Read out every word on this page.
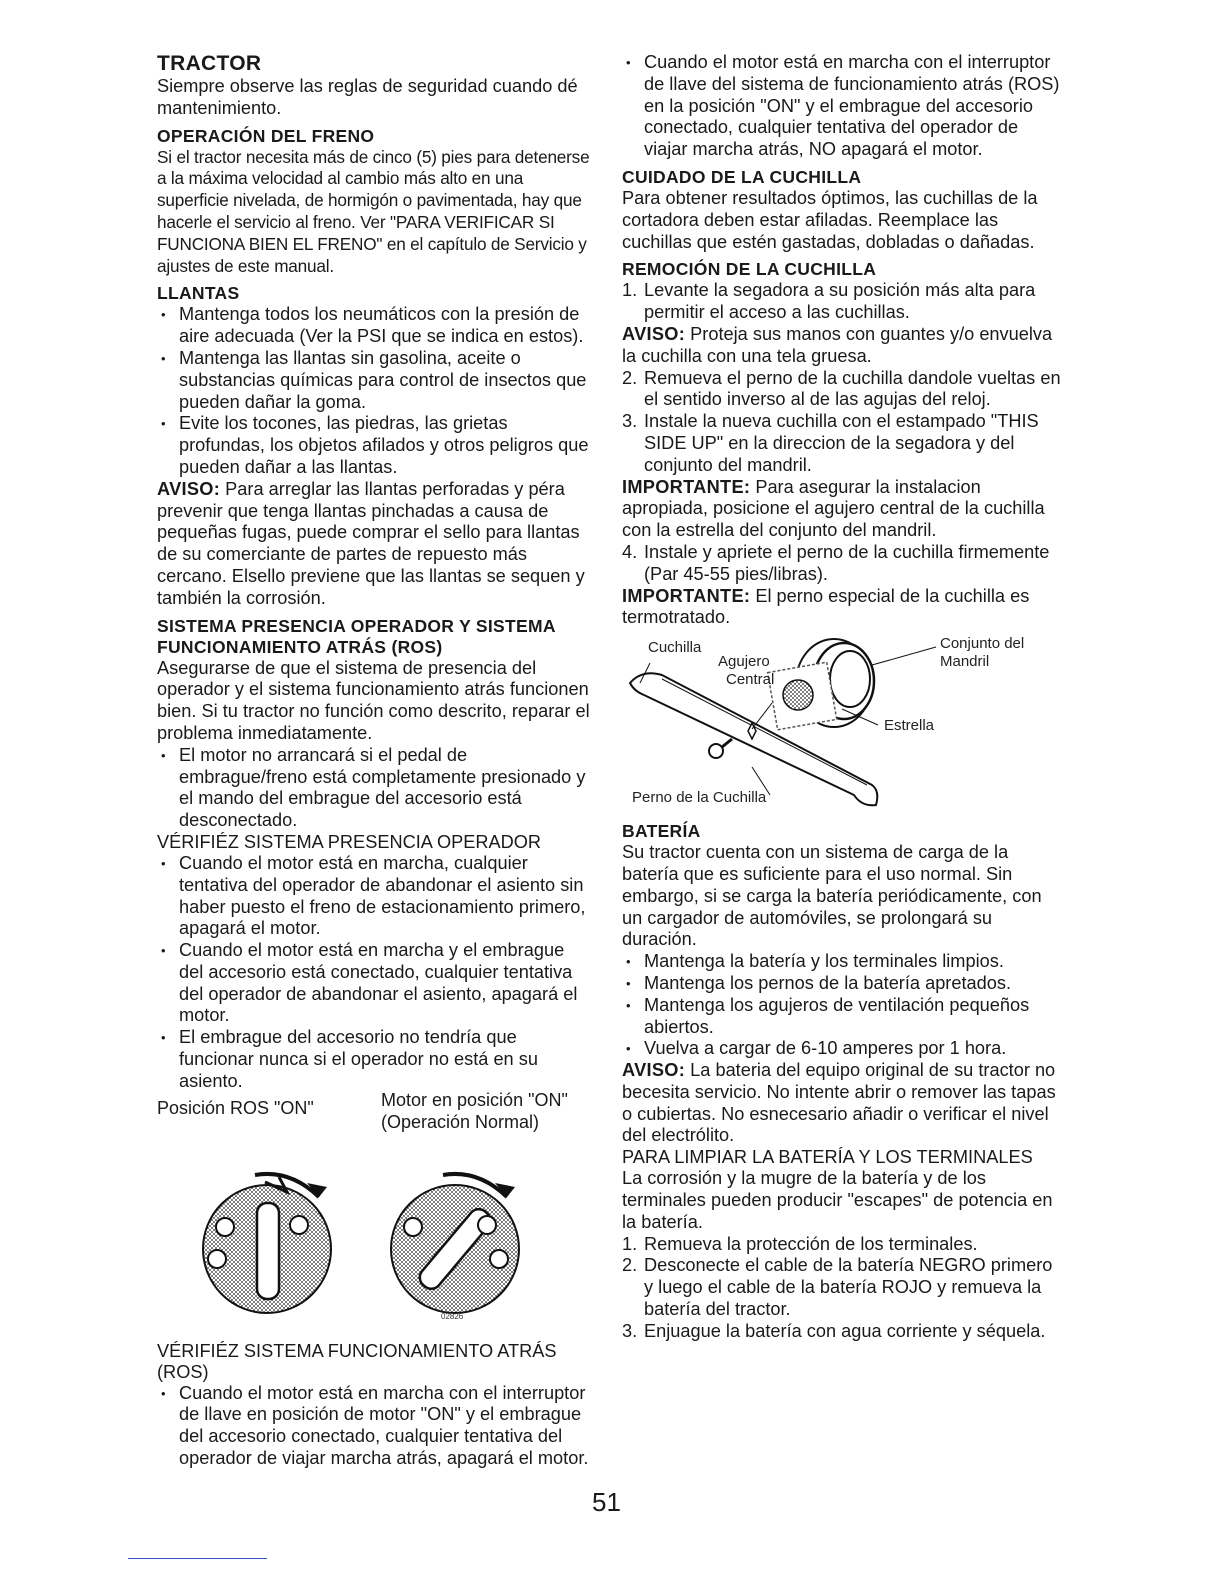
TRACTOR

Siempre observe las reglas de seguridad cuando dé mantenimiento.

OPERACIÓN DEL FRENO

Si el tractor necesita más de cinco (5) pies para detenerse a la máxima velocidad al cambio más alto en una superficie nivelada, de hormigón o pavimentada, hay que hacerle el servicio al freno. Ver "PARA VERIFICAR SI FUNCIONA BIEN EL FRENO" en el capítulo de Servicio y ajustes de este manual.

LLANTAS
• Mantenga todos los neumáticos con la presión de aire adecuada (Ver la PSI que se indica en estos).
• Mantenga las llantas sin gasolina, aceite o substancias químicas para control de insectos que pueden dañar la goma.
• Evite los tocones, las piedras, las grietas profundas, los objetos afilados y otros peligros que pueden dañar a las llantas.

AVISO: Para arreglar las llantas perforadas y péra prevenir que tenga llantas pinchadas a causa de pequeñas fugas, puede comprar el sello para llantas de su comerciante de partes de repuesto más cercano. Elsello previene que las llantas se sequen y también la corrosión.

SISTEMA PRESENCIA OPERADOR Y SISTEMA FUNCIONAMIENTO ATRÁS (ROS)

Asegurarse de que el sistema de presencia del operador y el sistema funcionamiento atrás funcionen bien. Si tu tractor no función como descrito, reparar el problema inmediatamente.

• El motor no arrancará si el pedal de embrague/freno está completamente presionado y el mando del embrague del accesorio está desconectado.
VÉRIFIÉZ SISTEMA PRESENCIA OPERADOR
• Cuando el motor está en marcha, cualquier tentativa del operador de abandonar el asiento sin haber puesto el freno de estacionamiento primero, apagará el motor.
• Cuando el motor está en marcha y el embrague del accesorio está conectado, cualquier tentativa del operador de abandonar el asiento, apagará el motor.
• El embrague del accesorio no tendría que funcionar nunca si el operador no está en su asiento.
Posición ROS "ON"	Motor en posición "ON"
(Operación Normal)
02826
VÉRIFIÉZ SISTEMA FUNCIONAMIENTO ATRÁS (ROS)
• Cuando el motor está en marcha con el interruptor de llave en posición de motor "ON" y el embrague del accesorio conectado, cualquier tentativa del operador de viajar marcha atrás, apagará el motor.
• Cuando el motor está en marcha con el interruptor de llave del sistema de funcionamiento atrás (ROS) en la posición "ON" y el embrague del accesorio conectado, cualquier tentativa del operador de viajar marcha atrás, NO apagará el motor.
CUIDADO DE LA CUCHILLA

Para obtener resultados óptimos, las cuchillas de la cortadora deben estar afiladas. Reemplace las cuchillas que estén gastadas, dobladas o dañadas.

REMOCIÓN DE LA CUCHILLA
1. Levante la segadora a su posición más alta para permitir el acceso a las cuchillas.

AVISO: Proteja sus manos con guantes y/o envuelva la cuchilla con una tela gruesa.

2. Remueva el perno de la cuchilla dandole vueltas en el sentido inverso al de las agujas del reloj.
3. Instale la nueva cuchilla con el estampado "THIS SIDE UP" en la direccion de la segadora y del conjunto del mandril.

IMPORTANTE: Para asegurar la instalacion apropiada, posicione el agujero central de la cuchilla con la estrella del conjunto del mandril.

4. Instale y apriete el perno de la cuchilla firmemente (Par 45-55 pies/libras).

IMPORTANTE: El perno especial de la cuchilla es termotratado.

Cuchilla
Agujero
Central
Conjunto del
Mandril
Estrella
Perno de la Cuchilla
BATERÍA

Su tractor cuenta con un sistema de carga de la batería que es suficiente para el uso normal. Sin embargo, si se carga la batería periódicamente, con un cargador de automóviles, se prolongará su duración.

• Mantenga la batería y los terminales limpios.
• Mantenga los pernos de la batería apretados.
• Mantenga los agujeros de ventilación pequeños abiertos.
• Vuelva a cargar de 6-10 amperes por 1 hora.

AVISO: La bateria del equipo original de su tractor no becesita servicio. No intente abrir o remover las tapas o cubiertas. No esnecesario añadir o verificar el nivel del electrólito.

PARA LIMPIAR LA BATERÍA Y LOS TERMINALES

La corrosión y la mugre de la batería y de los terminales pueden producir "escapes" de potencia en la batería.

1. Remueva la protección de los terminales.
2. Desconecte el cable de la batería NEGRO primero y luego el cable de la batería ROJO y remueva la batería del tractor.
3. Enjuague la batería con agua corriente y séquela.
51
